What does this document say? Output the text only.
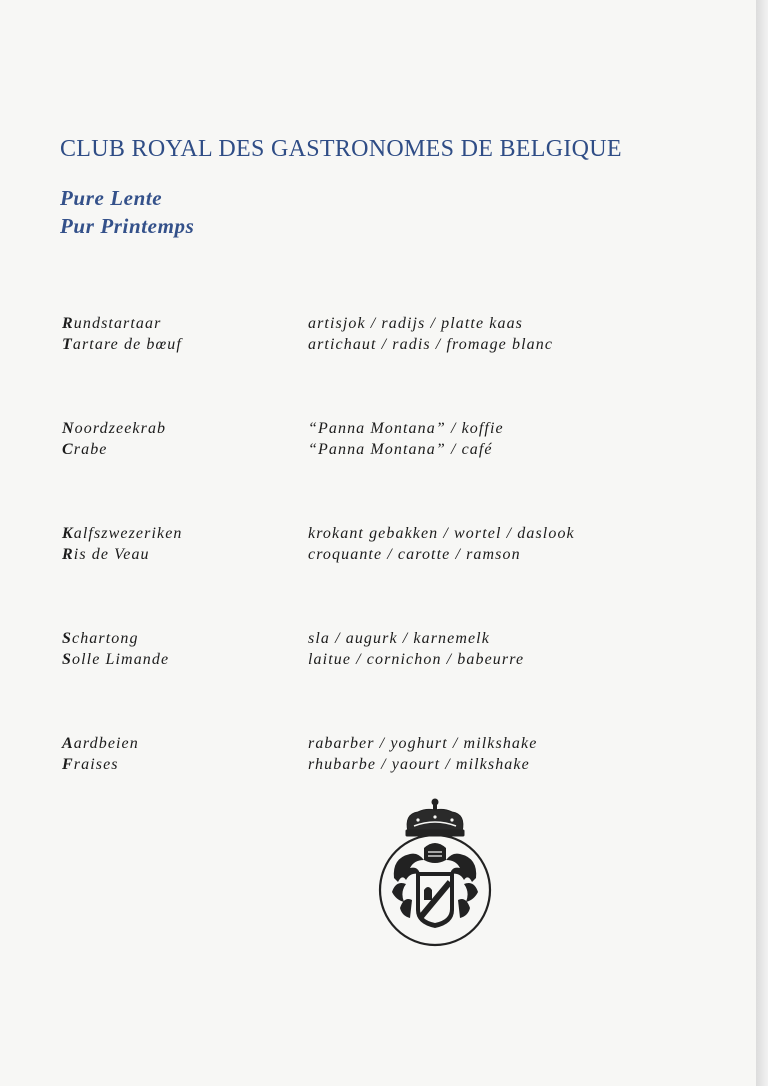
CLUB ROYAL DES GASTRONOMES DE BELGIQUE
Pure Lente
Pur Printemps
Rundstartaar
Tartare de bœuf
artisjok / radijs / platte kaas
artichaut / radis / fromage blanc
Noordzeekrab
Crabe
“Panna Montana” / koffie
“Panna Montana” / café
Kalfszwezeriken
Ris de Veau
krokant gebakken / wortel / daslook
croquante / carotte / ramson
Schartong
Solle Limande
sla / augurk / karnemelk
laitue / cornichon / babeurre
Aardbeien
Fraises
rabarber / yoghurt / milkshake
rhubarbe / yaourt / milkshake
